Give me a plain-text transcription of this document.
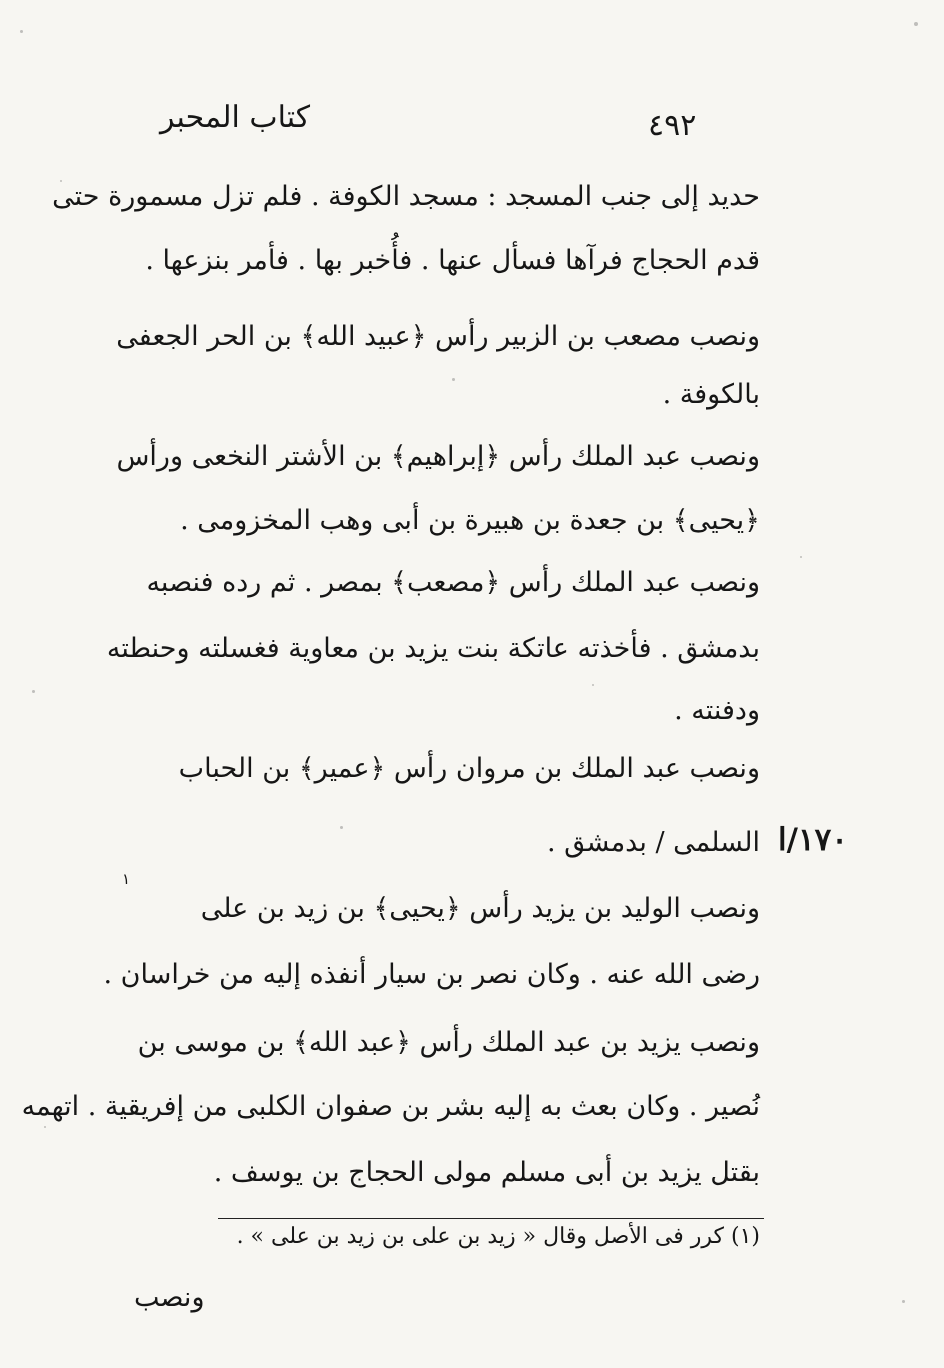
كتاب المحبر	٤٩٢
حديد إلى جنب المسجد : مسجد الكوفة . فلم تزل مسمورة حتى
قدم الحجاج فرآها فسأل عنها . فأُخبر بها . فأمر بنزعها .
ونصب مصعب بن الزبير رأس ﴿عبيد الله﴾ بن الحر الجعفى
بالكوفة .
ونصب عبد الملك رأس ﴿إبراهيم﴾ بن الأشتر النخعى ورأس
﴿يحيى﴾ بن جعدة بن هبيرة بن أبى وهب المخزومى .
ونصب عبد الملك رأس ﴿مصعب﴾ بمصر . ثم رده فنصبه
بدمشق . فأخذته عاتكة بنت يزيد بن معاوية فغسلته وحنطته
ودفنته .
ونصب عبد الملك بن مروان رأس ﴿عمير﴾ بن الحباب
السلمى / بدمشق . ١٧٠/ا
ونصب الوليد بن يزيد رأس ﴿يحيى﴾ بن زيد بن على
١
رضى الله عنه . وكان نصر بن سيار أنفذه إليه من خراسان .
ونصب يزيد بن عبد الملك رأس ﴿عبد الله﴾ بن موسى بن
نُصير . وكان بعث به إليه بشر بن صفوان الكلبى من إفريقية . اتهمه
بقتل يزيد بن أبى مسلم مولى الحجاج بن يوسف .
(١) كرر فى الأصل وقال « زيد بن على بن زيد بن على » .
ونصب
